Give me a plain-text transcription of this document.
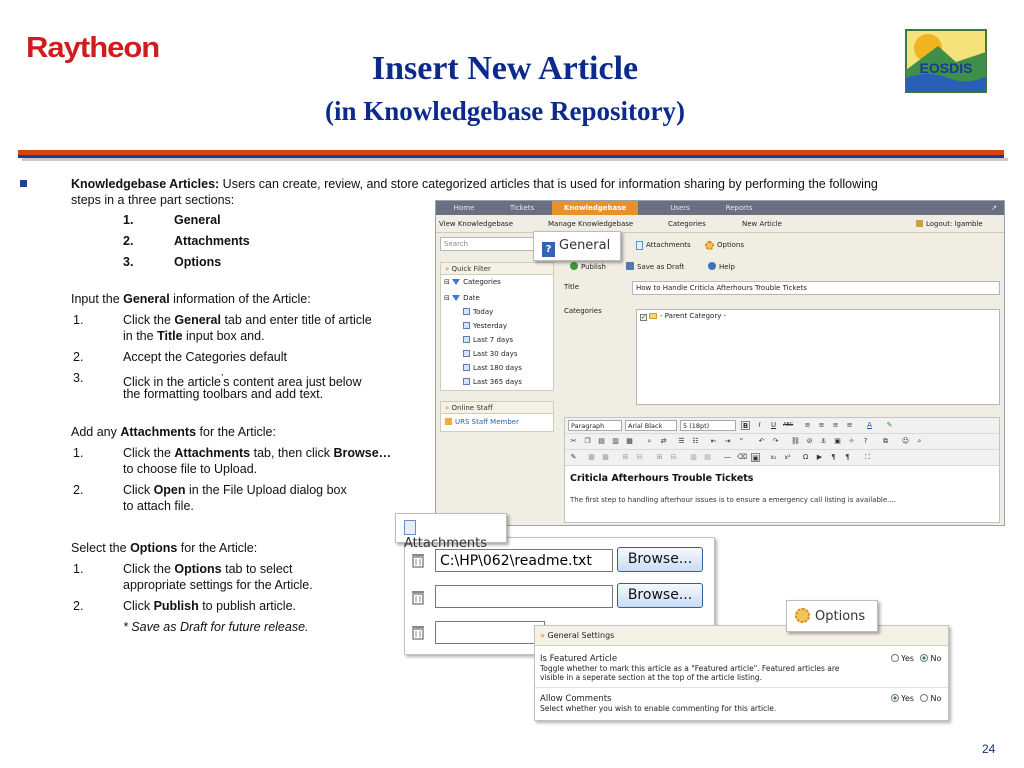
Raytheon
Insert New Article
(in Knowledgebase Repository)
EOSDIS
Knowledgebase Articles: Users can create, review, and store categorized articles that is used for information sharing by performing the following
steps in a three part sections:
1.	General
2.	Attachments
3.	Options
Input the General information of the Article:
1.	Click the General tab and enter title of article
in the Title input box and.
2.	Accept the Categories default
3.	Click in the article’s content area just below
the formatting toolbars and add text.
Add any Attachments for the Article:
1.	Click the Attachments tab, then click Browse…
to choose file to Upload.
2.	Click Open in the File Upload dialog box
to attach file.
Select the Options for the Article:
1.	Click the Options tab to select
appropriate settings for the Article.
2.	Click Publish to publish article.
* Save as Draft for future release.
Home	Tickets	Knowledgebase	Users	Reports	↗
View Knowledgebase	Manage Knowledgebase	Categories	New Article	Logout: lgamble
Search
» Quick Filter
⊟ Categories
⊟ Date
Today
Yesterday
Last 7 days
Last 30 days
Last 180 days
Last 365 days
» Online Staff
URS Staff Member
Attachments	Options
Publish	Save as Draft	Help
Title	How to Handle Criticla Afterhours Trouble Tickets
Categories
✓ - Parent Category -
Paragraph	Arial Black	5 (18pt)	B	I	U	ABC ≡ ≡ ≡ ≡ A	✎
✂ ❐ ▤ ▥ ▦	⌕	⇄ ☰ ☷ ⇤ ⇥	“	↶ ↷ ⛓ ⊘ ⚓ ▣ ✧	?	⧉ ☺	⌕
✎ ▦ ▦ ⊞ ⊟ ⊞ ⊟ ▥ ▤ — ⌫ ▣ x₂ x² Ω ▶	¶	¶	⛶
Criticla Afterhours Trouble Tickets
The first step to handling afterhour issues is to ensure a emergency call listing is available....
? General
C:\HP\062\readme.txt	Browse...
Browse...
Attachments
» General Settings
Is Featured Article
Toggle whether to mark this article as a "Featured article". Featured articles are
visible in a seperate section at the top of the article listing.
Yes No
Allow Comments
Select whether you wish to enable commenting for this article.
Yes No
Options
24
